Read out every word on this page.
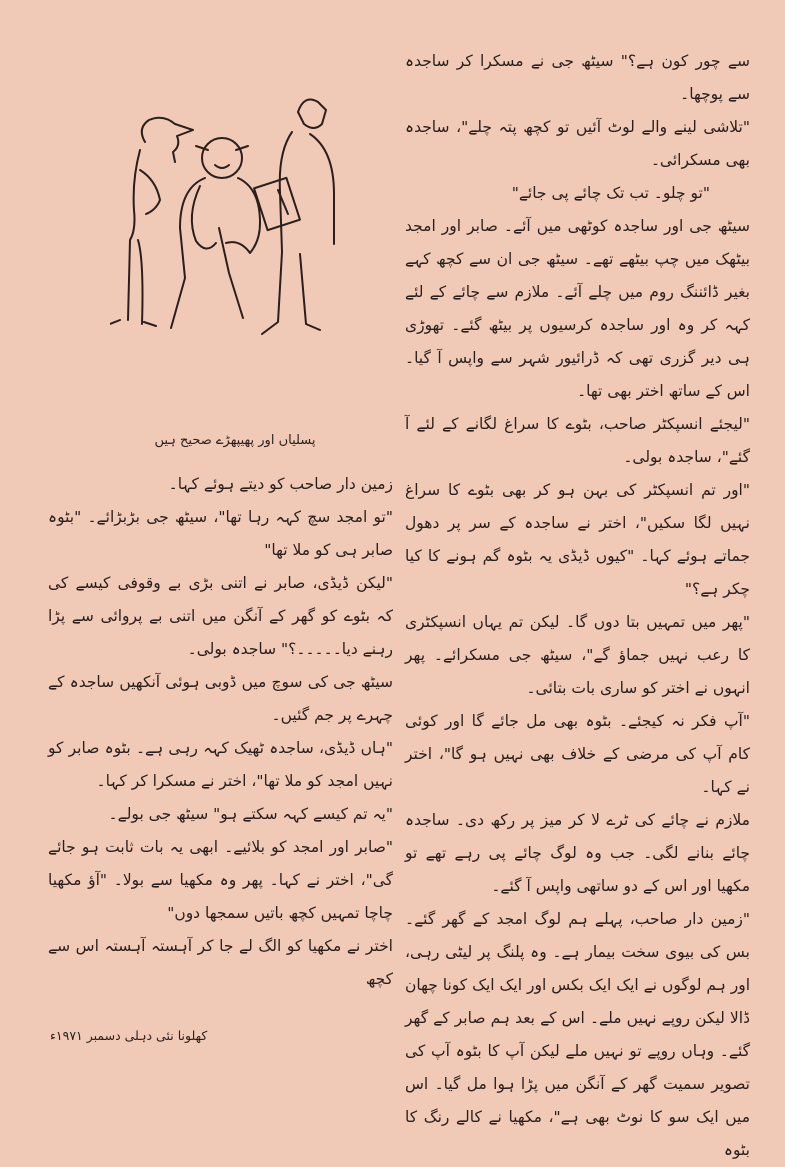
سے چور کون ہے؟" سیٹھ جی نے مسکرا کر ساجدہ سے پوچھا۔

"تلاشی لینے والے لوٹ آئیں تو کچھ پتہ چلے"، ساجدہ بھی مسکرائی۔

"تو چلو۔ تب تک چائے پی جائے"

سیٹھ جی اور ساجدہ کوٹھی میں آئے۔ صابر اور امجد بیٹھک میں چپ بیٹھے تھے۔ سیٹھ جی ان سے کچھ کہے بغیر ڈائننگ روم میں چلے آئے۔ ملازم سے چائے کے لئے کہہ کر وہ اور ساجدہ کرسیوں پر بیٹھ گئے۔ تھوڑی ہی دیر گزری تھی کہ ڈرائیور شہر سے واپس آ گیا۔ اس کے ساتھ اختر بھی تھا۔

"لیجئے انسپکٹر صاحب، بٹوے کا سراغ لگانے کے لئے آ گئے"، ساجدہ بولی۔

"اور تم انسپکٹر کی بہن ہو کر بھی بٹوے کا سراغ نہیں لگا سکیں"، اختر نے ساجدہ کے سر پر دھول جماتے ہوئے کہا۔ "کیوں ڈیڈی یہ بٹوہ گم ہونے کا کیا چکر ہے؟"

"پھر میں تمہیں بتا دوں گا۔ لیکن تم یہاں انسپکٹری کا رعب نہیں جماؤ گے"، سیٹھ جی مسکرائے۔ پھر انہوں نے اختر کو ساری بات بتائی۔

"آپ فکر نہ کیجئے۔ بٹوہ بھی مل جائے گا اور کوئی کام آپ کی مرضی کے خلاف بھی نہیں ہو گا"، اختر نے کہا۔

ملازم نے چائے کی ٹرے لا کر میز پر رکھ دی۔ ساجدہ چائے بنانے لگی۔ جب وہ لوگ چائے پی رہے تھے تو مکھیا اور اس کے دو ساتھی واپس آ گئے۔

"زمین دار صاحب، پہلے ہم لوگ امجد کے گھر گئے۔ بس کی بیوی سخت بیمار ہے۔ وہ پلنگ پر لیٹی رہی، اور ہم لوگوں نے ایک ایک بکس اور ایک ایک کونا چھان ڈالا لیکن روپے نہیں ملے۔ اس کے بعد ہم صابر کے گھر گئے۔ وہاں روپے تو نہیں ملے لیکن آپ کا بٹوہ آپ کی تصویر سمیت گھر کے آنگن میں پڑا ہوا مل گیا۔ اس میں ایک سو کا نوٹ بھی ہے"، مکھیا نے کالے رنگ کا بٹوہ

پسلیاں اور پھیپھڑے صحیح ہیں

زمین دار صاحب کو دیتے ہوئے کہا۔

"تو امجد سچ کہہ رہا تھا"، سیٹھ جی بڑبڑائے۔ "بٹوہ صابر ہی کو ملا تھا"

"لیکن ڈیڈی، صابر نے اتنی بڑی بے وقوفی کیسے کی کہ بٹوے کو گھر کے آنگن میں اتنی بے پروائی سے پڑا رہنے دیا۔۔۔۔۔؟" ساجدہ بولی۔

سیٹھ جی کی سوچ میں ڈوبی ہوئی آنکھیں ساجدہ کے چہرے پر جم گئیں۔

"ہاں ڈیڈی، ساجدہ ٹھیک کہہ رہی ہے۔ بٹوہ صابر کو نہیں امجد کو ملا تھا"، اختر نے مسکرا کر کہا۔

"یہ تم کیسے کہہ سکتے ہو" سیٹھ جی بولے۔

"صابر اور امجد کو بلائیے۔ ابھی یہ بات ثابت ہو جائے گی"، اختر نے کہا۔ پھر وہ مکھیا سے بولا۔ "آؤ مکھیا چاچا تمہیں کچھ باتیں سمجھا دوں"

اختر نے مکھیا کو الگ لے جا کر آہستہ آہستہ اس سے کچھ

کھلونا نئی دہلی دسمبر ۱۹۷۱ء
